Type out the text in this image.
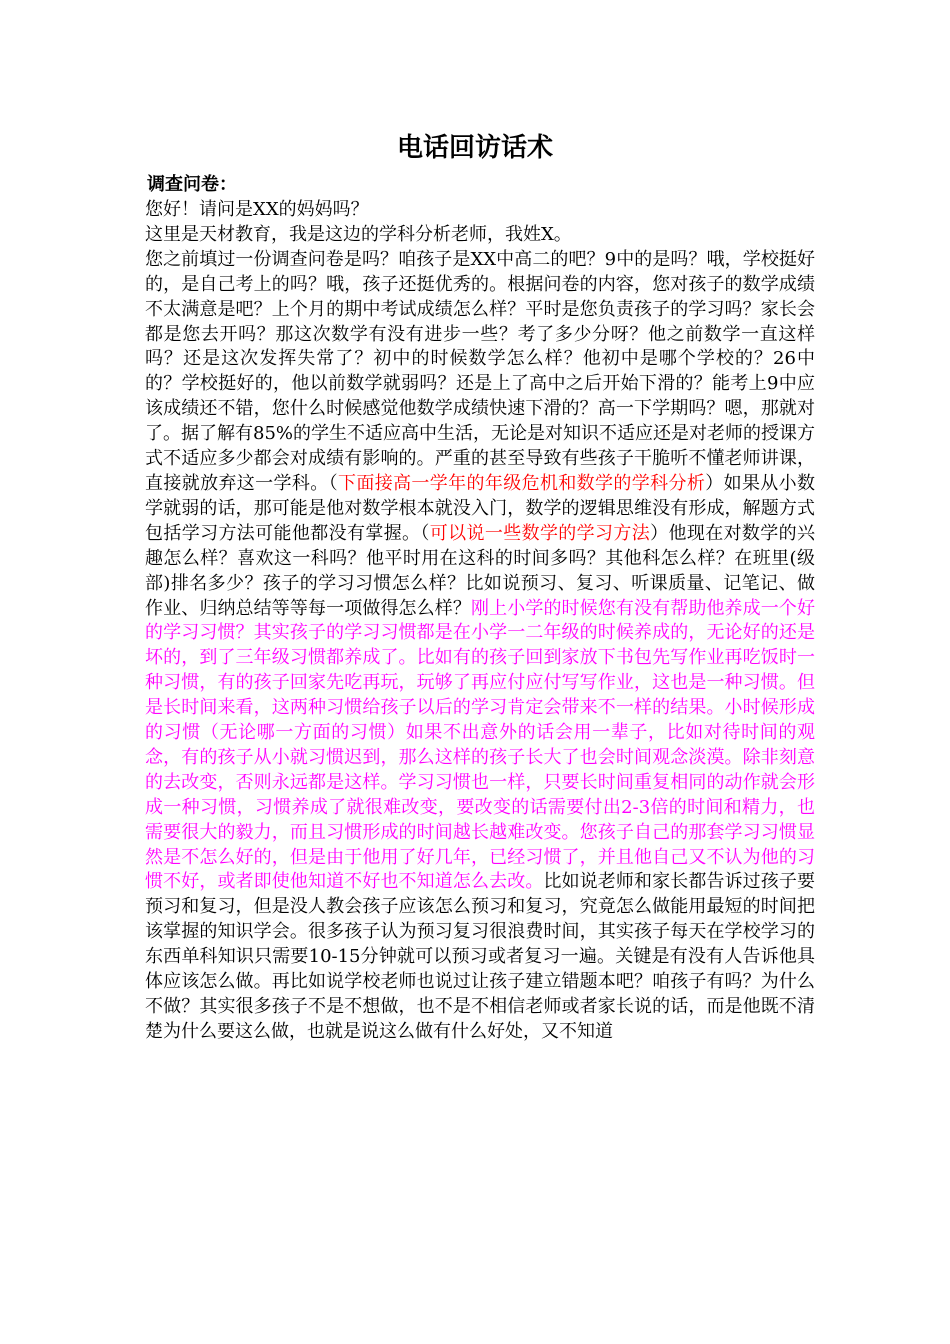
电话回访话术
调查问卷：

您好！请问是XX的妈妈吗？

这里是天材教育，我是这边的学科分析老师，我姓X。

您之前填过一份调查问卷是吗？咱孩子是XX中高二的吧？9中的是吗？哦，学校挺好的，是自己考上的吗？哦，孩子还挺优秀的。根据问卷的内容，您对孩子的数学成绩不太满意是吧？上个月的期中考试成绩怎么样？平时是您负责孩子的学习吗？家长会都是您去开吗？那这次数学有没有进步一些？考了多少分呀？他之前数学一直这样吗？还是这次发挥失常了？初中的时候数学怎么样？他初中是哪个学校的？26中的？学校挺好的，他以前数学就弱吗？还是上了高中之后开始下滑的？能考上9中应该成绩还不错，您什么时候感觉他数学成绩快速下滑的？高一下学期吗？嗯，那就对了。据了解有85%的学生不适应高中生活，无论是对知识不适应还是对老师的授课方式不适应多少都会对成绩有影响的。严重的甚至导致有些孩子干脆听不懂老师讲课，直接就放弃这一学科。（下面接高一学年的年级危机和数学的学科分析）如果从小数学就弱的话，那可能是他对数学根本就没入门，数学的逻辑思维没有形成，解题方式包括学习方法可能他都没有掌握。（可以说一些数学的学习方法）他现在对数学的兴趣怎么样？喜欢这一科吗？他平时用在这科的时间多吗？其他科怎么样？在班里(级部)排名多少？孩子的学习习惯怎么样？比如说预习、复习、听课质量、记笔记、做作业、归纳总结等等每一项做得怎么样？刚上小学的时候您有没有帮助他养成一个好的学习习惯？其实孩子的学习习惯都是在小学一二年级的时候养成的，无论好的还是坏的，到了三年级习惯都养成了。比如有的孩子回到家放下书包先写作业再吃饭时一种习惯，有的孩子回家先吃再玩，玩够了再应付应付写写作业，这也是一种习惯。但是长时间来看，这两种习惯给孩子以后的学习肯定会带来不一样的结果。小时候形成的习惯（无论哪一方面的习惯）如果不出意外的话会用一辈子，比如对待时间的观念，有的孩子从小就习惯迟到，那么这样的孩子长大了也会时间观念淡漠。除非刻意的去改变，否则永远都是这样。学习习惯也一样，只要长时间重复相同的动作就会形成一种习惯，习惯养成了就很难改变，要改变的话需要付出2-3倍的时间和精力，也需要很大的毅力，而且习惯形成的时间越长越难改变。您孩子自己的那套学习习惯显然是不怎么好的，但是由于他用了好几年，已经习惯了，并且他自己又不认为他的习惯不好，或者即使他知道不好也不知道怎么去改。比如说老师和家长都告诉过孩子要预习和复习，但是没人教会孩子应该怎么预习和复习，究竟怎么做能用最短的时间把该掌握的知识学会。很多孩子认为预习复习很浪费时间，其实孩子每天在学校学习的东西单科知识只需要10-15分钟就可以预习或者复习一遍。关键是有没有人告诉他具体应该怎么做。再比如说学校老师也说过让孩子建立错题本吧？咱孩子有吗？为什么不做？其实很多孩子不是不想做，也不是不相信老师或者家长说的话，而是他既不清楚为什么要这么做，也就是说这么做有什么好处，又不知道
